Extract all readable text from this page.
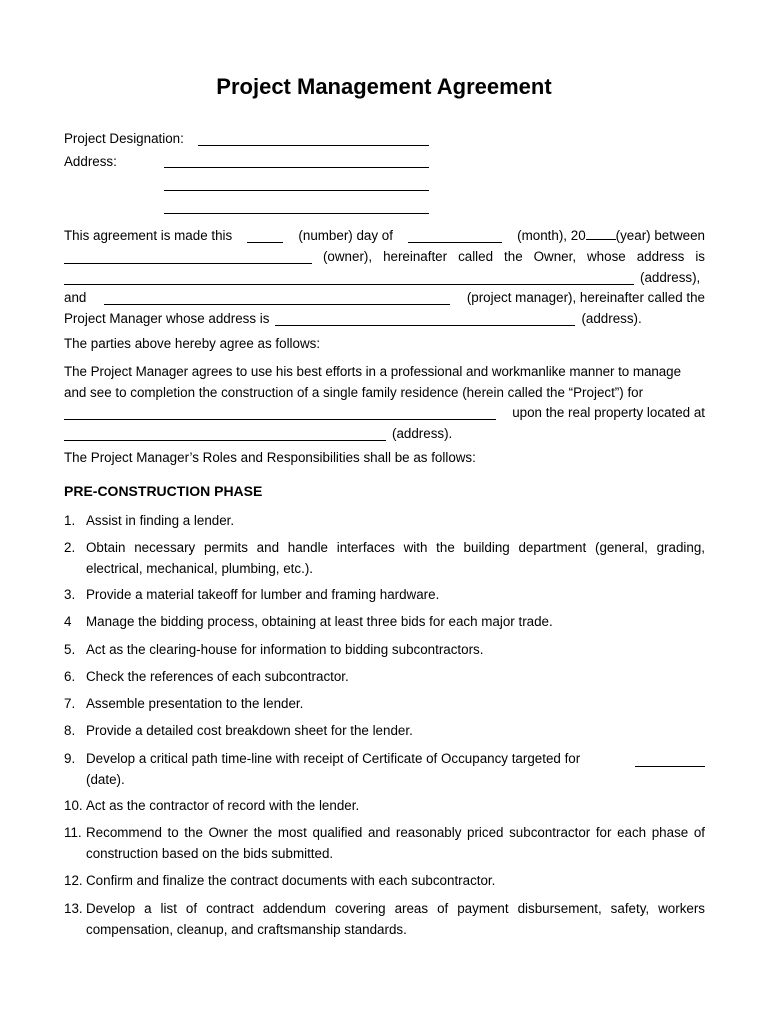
Project Management Agreement
Project Designation:
Address:
This agreement is made this	(number) day of	(month), 20 (year) between
(owner), hereinafter called the Owner, whose address is
(address),
and	(project manager), hereinafter called the
Project Manager whose address is	(address).
The parties above hereby agree as follows:
The Project Manager agrees to use his best efforts in a professional and workmanlike manner to manage
and see to completion the construction of a single family residence (herein called the “Project”) for
upon the real property located at
(address).
The Project Manager’s Roles and Responsibilities shall be as follows:
PRE-CONSTRUCTION PHASE
1. Assist in finding a lender.
2. Obtain necessary permits and handle interfaces with the building department (general, grading, electrical, mechanical, plumbing, etc.).
3. Provide a material takeoff for lumber and framing hardware.
4 Manage the bidding process, obtaining at least three bids for each major trade.
5. Act as the clearing-house for information to bidding subcontractors.
6. Check the references of each subcontractor.
7. Assemble presentation to the lender.
8. Provide a detailed cost breakdown sheet for the lender.
9. Develop a critical path time-line with receipt of Certificate of Occupancy targeted for
(date).
10. Act as the contractor of record with the lender.
11. Recommend to the Owner the most qualified and reasonably priced subcontractor for each phase of construction based on the bids submitted.
12. Confirm and finalize the contract documents with each subcontractor.
13. Develop a list of contract addendum covering areas of payment disbursement, safety, workers compensation, cleanup, and craftsmanship standards.
